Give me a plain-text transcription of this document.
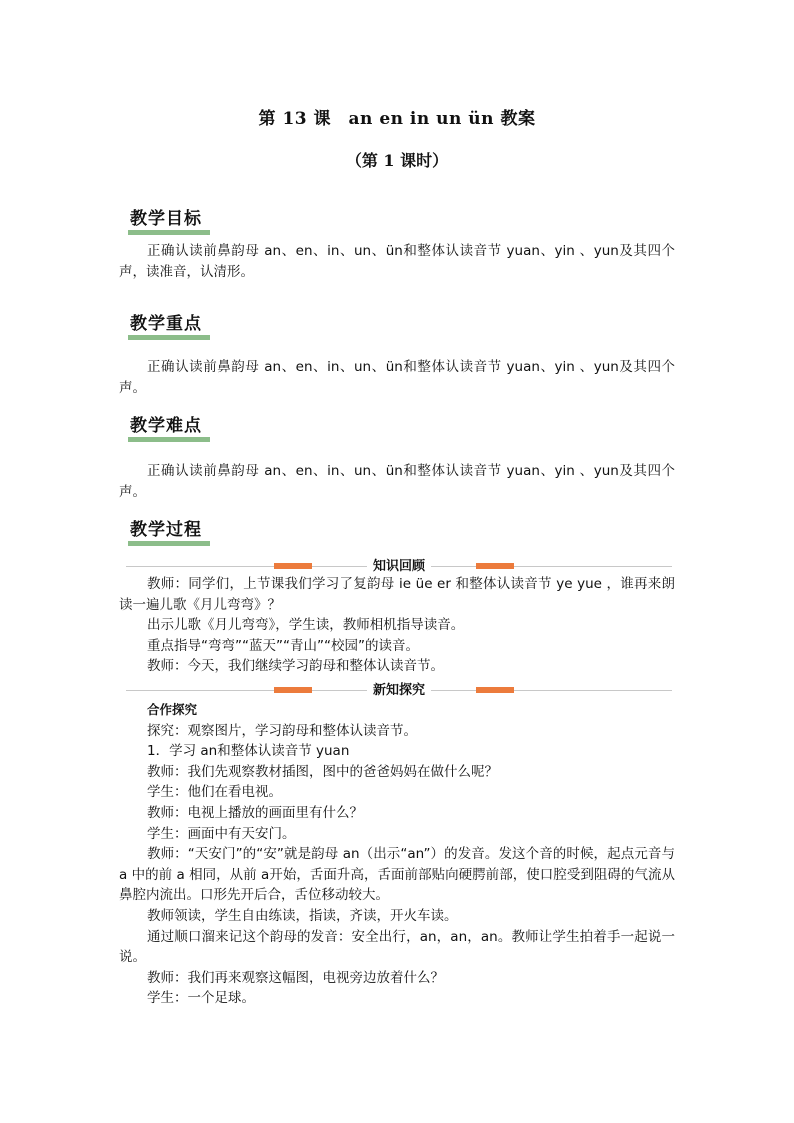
第 13 课　an en in un ün 教案
（第 1 课时）
教学目标
正确认读前鼻韵母 an、en、in、un、ün和整体认读音节 yuan、yin 、yun及其四个声，读准音，认清形。
教学重点
正确认读前鼻韵母 an、en、in、un、ün和整体认读音节 yuan、yin 、yun及其四个声。
教学难点
正确认读前鼻韵母 an、en、in、un、ün和整体认读音节 yuan、yin 、yun及其四个声。
教学过程
知识回顾

教师：同学们，上节课我们学习了复韵母 ie üe er 和整体认读音节 ye yue ，谁再来朗读一遍儿歌《月儿弯弯》？

出示儿歌《月儿弯弯》，学生读，教师相机指导读音。

重点指导“弯弯”“蓝天”“青山”“校园”的读音。

教师：今天，我们继续学习韵母和整体认读音节。

新知探究

合作探究

探究：观察图片，学习韵母和整体认读音节。

1．学习 an和整体认读音节 yuan

教师：我们先观察教材插图，图中的爸爸妈妈在做什么呢？

学生：他们在看电视。

教师：电视上播放的画面里有什么？

学生：画面中有天安门。

教师：“天安门”的“安”就是韵母 an（出示“an”）的发音。发这个音的时候，起点元音与 a 中的前 a 相同，从前 a开始，舌面升高，舌面前部贴向硬腭前部，使口腔受到阻碍的气流从鼻腔内流出。口形先开后合，舌位移动较大。

教师领读，学生自由练读，指读，齐读，开火车读。

通过顺口溜来记这个韵母的发音：安全出行，an，an，an。教师让学生拍着手一起说一说。

教师：我们再来观察这幅图，电视旁边放着什么？

学生：一个足球。
